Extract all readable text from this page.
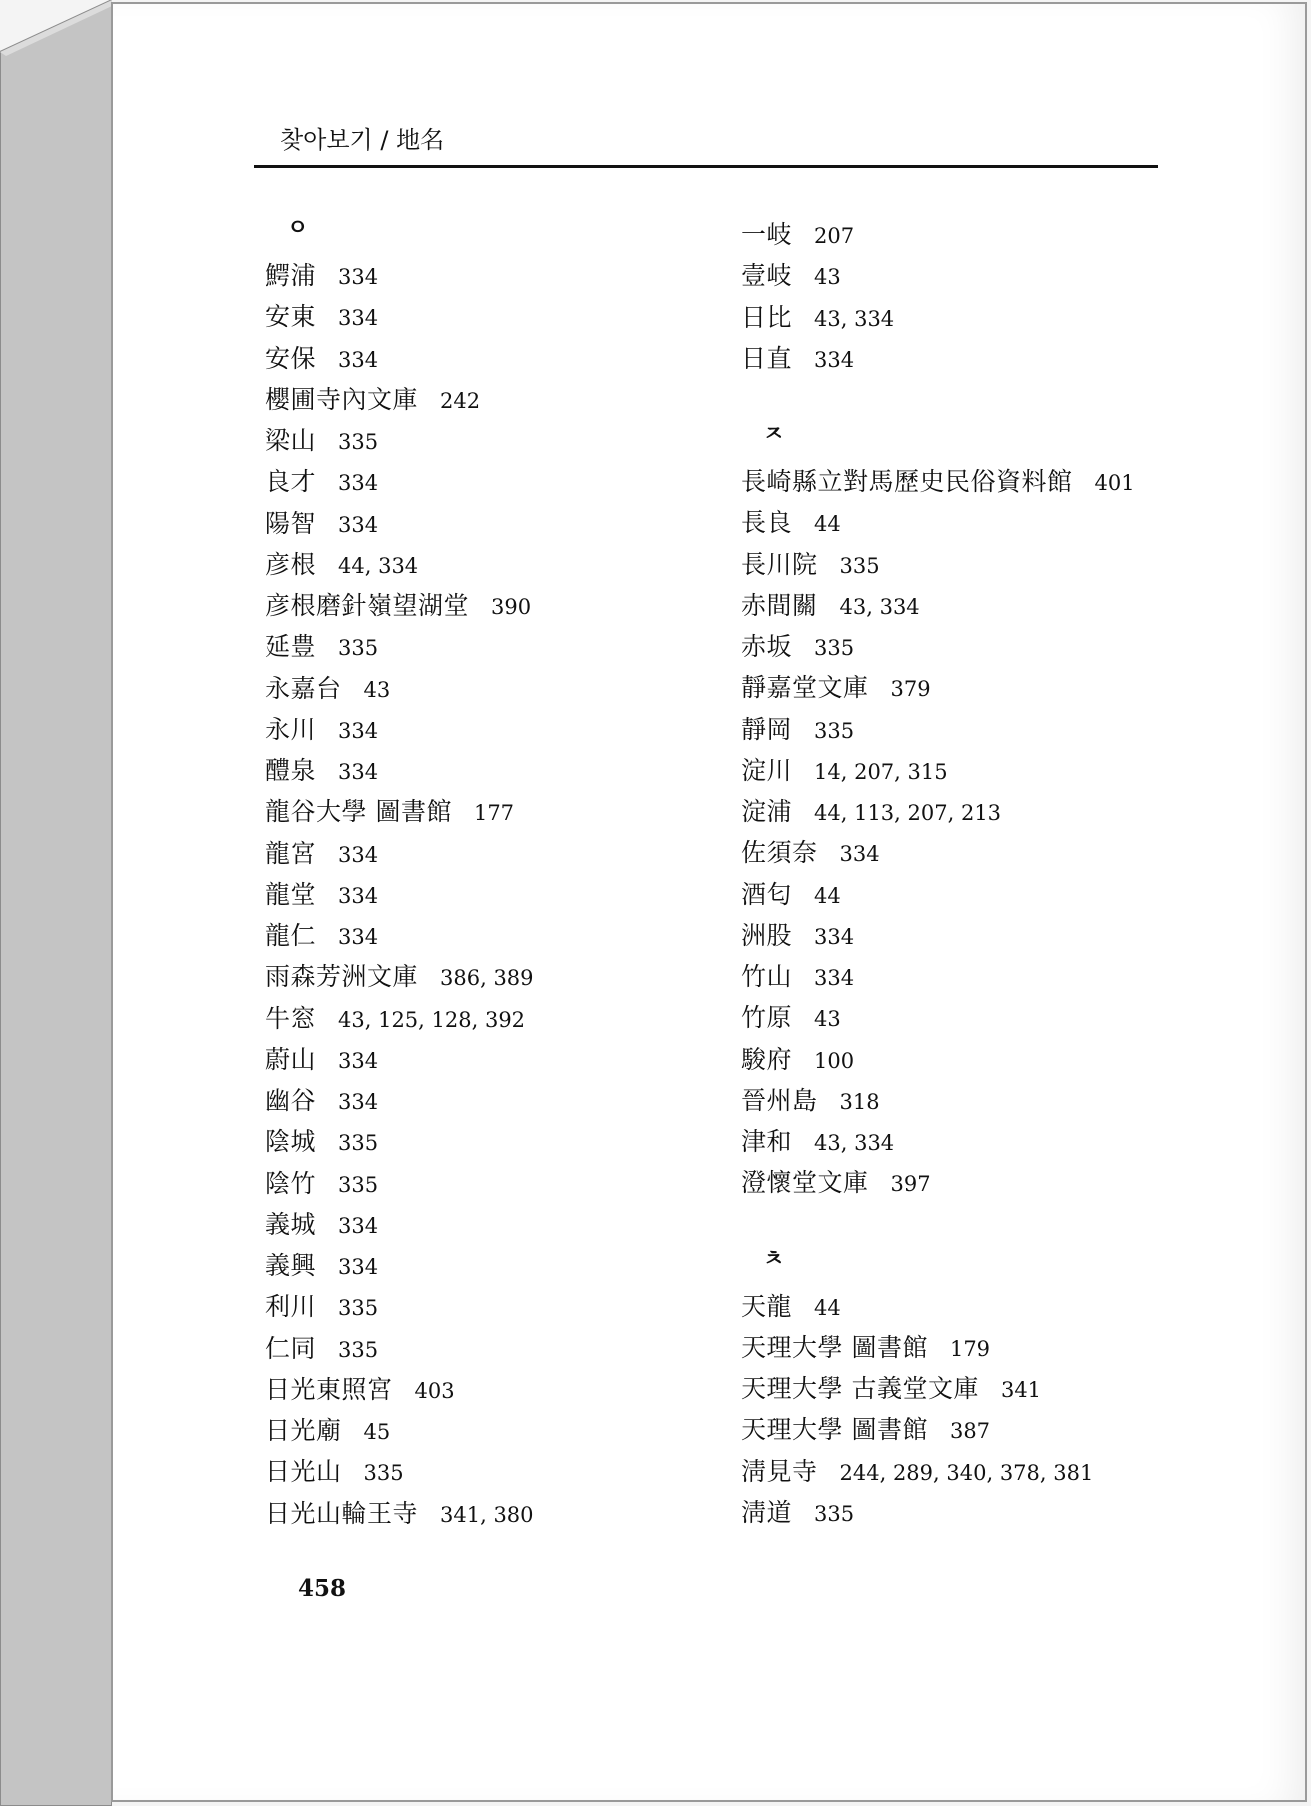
찾아보기 / 地名
ㅇ
鰐浦 334
安東 334
安保 334
櫻圃寺內文庫 242
梁山 335
良才 334
陽智 334
彦根 44, 334
彦根磨針嶺望湖堂 390
延豊 335
永嘉台 43
永川 334
醴泉 334
龍谷大學 圖書館 177
龍宮 334
龍堂 334
龍仁 334
雨森芳洲文庫 386, 389
牛窓 43, 125, 128, 392
蔚山 334
幽谷 334
陰城 335
陰竹 335
義城 334
義興 334
利川 335
仁同 335
日光東照宮 403
日光廟 45
日光山 335
日光山輪王寺 341, 380
一岐 207
壹岐 43
日比 43, 334
日直 334
ㅈ
長崎縣立對馬歷史民俗資料館 401
長良 44
長川院 335
赤間關 43, 334
赤坂 335
靜嘉堂文庫 379
靜岡 335
淀川 14, 207, 315
淀浦 44, 113, 207, 213
佐須奈 334
酒匂 44
洲股 334
竹山 334
竹原 43
駿府 100
晉州島 318
津和 43, 334
澄懷堂文庫 397
ㅊ
天龍 44
天理大學 圖書館 179
天理大學 古義堂文庫 341
天理大學 圖書館 387
淸見寺 244, 289, 340, 378, 381
淸道 335
458
